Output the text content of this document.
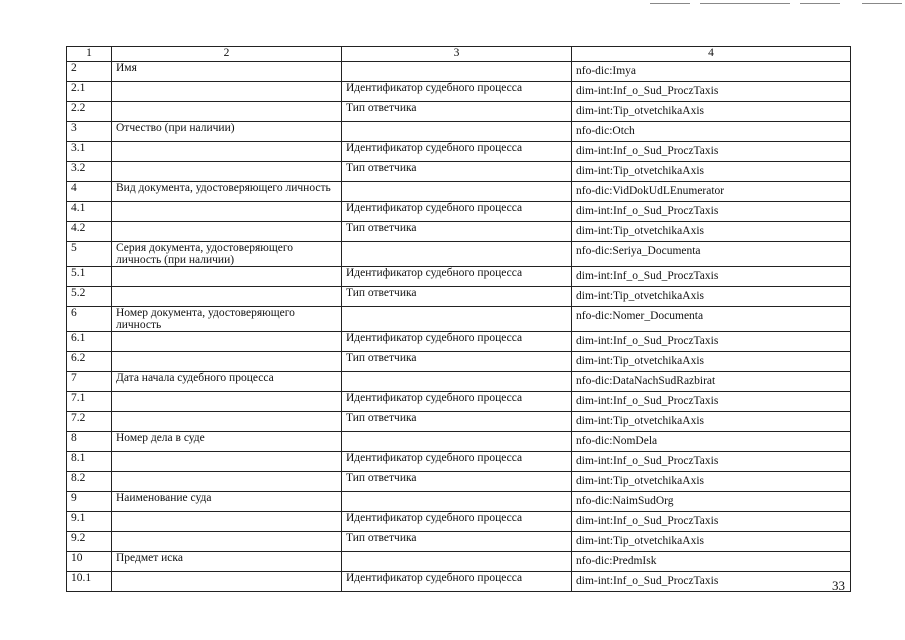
1	2	3	4
2	Имя		nfo-dic:Imya
2.1		Идентификатор судебного процесса	dim-int:Inf_o_Sud_ProczTaxis
2.2		Тип ответчика	dim-int:Tip_otvetchikaAxis
3	Отчество (при наличии)		nfo-dic:Otch
3.1		Идентификатор судебного процесса	dim-int:Inf_o_Sud_ProczTaxis
3.2		Тип ответчика	dim-int:Tip_otvetchikaAxis
4	Вид документа, удостоверяющего личность		nfo-dic:VidDokUdLEnumerator
4.1		Идентификатор судебного процесса	dim-int:Inf_o_Sud_ProczTaxis
4.2		Тип ответчика	dim-int:Tip_otvetchikaAxis
5	Серия документа, удостоверяющего личность (при наличии)		nfo-dic:Seriya_Documenta
5.1		Идентификатор судебного процесса	dim-int:Inf_o_Sud_ProczTaxis
5.2		Тип ответчика	dim-int:Tip_otvetchikaAxis
6	Номер документа, удостоверяющего личность		nfo-dic:Nomer_Documenta
6.1		Идентификатор судебного процесса	dim-int:Inf_o_Sud_ProczTaxis
6.2		Тип ответчика	dim-int:Tip_otvetchikaAxis
7	Дата начала судебного процесса		nfo-dic:DataNachSudRazbirat
7.1		Идентификатор судебного процесса	dim-int:Inf_o_Sud_ProczTaxis
7.2		Тип ответчика	dim-int:Tip_otvetchikaAxis
8	Номер дела в суде		nfo-dic:NomDela
8.1		Идентификатор судебного процесса	dim-int:Inf_o_Sud_ProczTaxis
8.2		Тип ответчика	dim-int:Tip_otvetchikaAxis
9	Наименование суда		nfo-dic:NaimSudOrg
9.1		Идентификатор судебного процесса	dim-int:Inf_o_Sud_ProczTaxis
9.2		Тип ответчика	dim-int:Tip_otvetchikaAxis
10	Предмет иска		nfo-dic:PredmIsk
10.1		Идентификатор судебного процесса	dim-int:Inf_o_Sud_ProczTaxis	33
